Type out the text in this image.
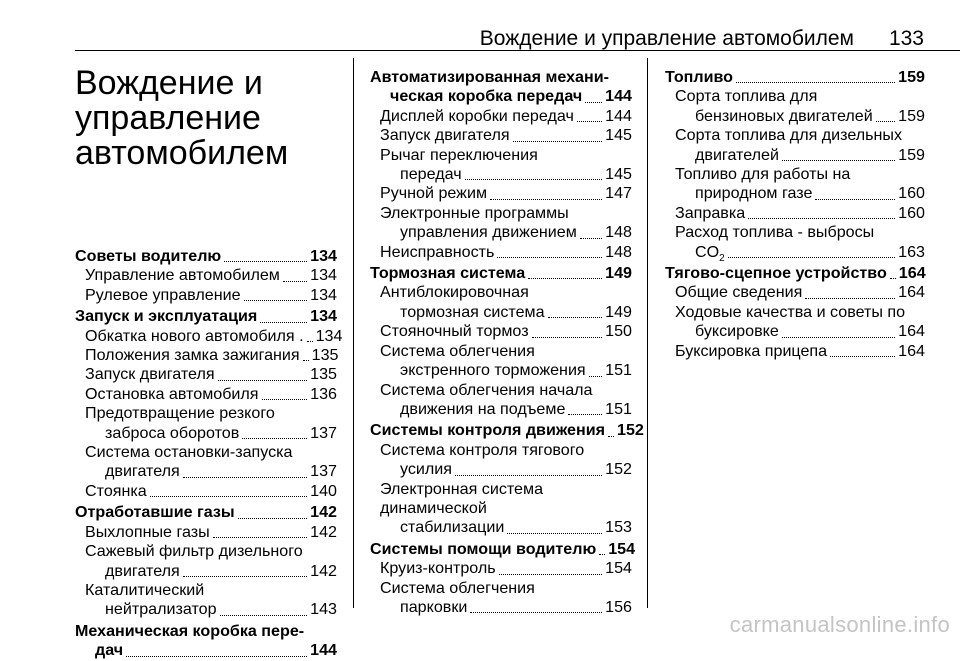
Вождение и управление автомобилем 133
Вождение и
управление
автомобилем
Советы водителю	134
Управление автомобилем 134
Рулевое управление	134
Запуск и эксплуатация	134
Обкатка нового автомобиля . 134
Положения замка зажигания 135
Запуск двигателя	135
Остановка автомобиля	136
Предотвращение резкого
заброса оборотов	137
Система остановки-запуска
двигателя	137
Стоянка	140
Отработавшие газы	142
Выхлопные газы	142
Сажевый фильтр дизельного
двигателя	142
Каталитический
нейтрализатор	143
Механическая коробка пере-
дач	144
Автоматизированная механи-
ческая коробка передач 144
Дисплей коробки передач 144
Запуск двигателя	145
Рычаг переключения
передач	145
Ручной режим	147
Электронные программы
управления движением 148
Неисправность	148
Тормозная система	149
Антиблокировочная
тормозная система	149
Стояночный тормоз	150
Система облегчения
экстренного торможения 151
Система облегчения начала
движения на подъеме 151
Системы контроля движения 152
Система контроля тягового
усилия	152
Электронная система
динамической
стабилизации	153
Системы помощи водителю 154
Круиз-контроль	154
Система облегчения
парковки	156
Топливо	159
Сорта топлива для
бензиновых двигателей 159
Сорта топлива для дизельных
двигателей	159
Топливо для работы на
природном газе	160
Заправка	160
Расход топлива - выбросы
$CO_2$	163
Тягово-сцепное устройство 164
Общие сведения	164
Ходовые качества и советы по
буксировке	164
Буксировка прицепа	164
carmanualsonline.info
